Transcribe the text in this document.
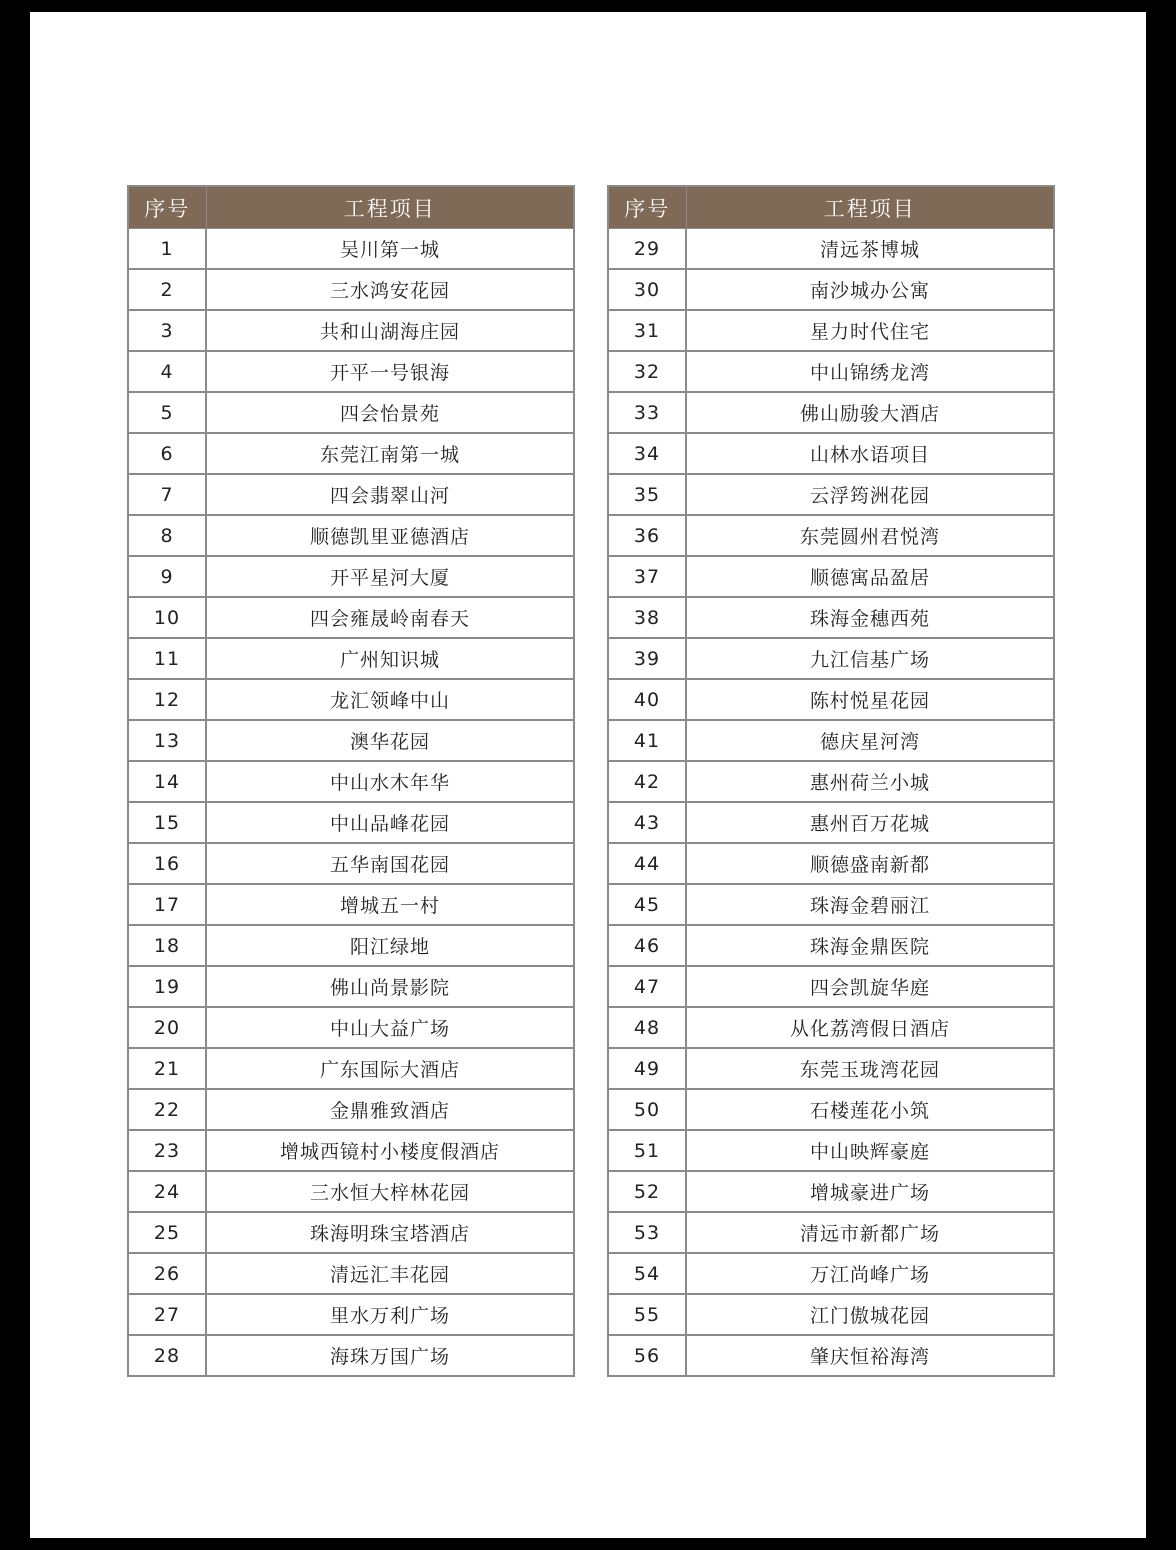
序号	工程项目
1	吴川第一城
2	三水鸿安花园
3	共和山湖海庄园
4	开平一号银海
5	四会怡景苑
6	东莞江南第一城
7	四会翡翠山河
8	顺德凯里亚德酒店
9	开平星河大厦
10	四会雍晟岭南春天
11	广州知识城
12	龙汇领峰中山
13	澳华花园
14	中山水木年华
15	中山品峰花园
16	五华南国花园
17	增城五一村
18	阳江绿地
19	佛山尚景影院
20	中山大益广场
21	广东国际大酒店
22	金鼎雅致酒店
23	增城西镜村小楼度假酒店
24	三水恒大梓林花园
25	珠海明珠宝塔酒店
26	清远汇丰花园
27	里水万利广场
28	海珠万国广场
序号	工程项目
29	清远茶博城
30	南沙城办公寓
31	星力时代住宅
32	中山锦绣龙湾
33	佛山励骏大酒店
34	山林水语项目
35	云浮筠洲花园
36	东莞圆州君悦湾
37	顺德寓品盈居
38	珠海金穗西苑
39	九江信基广场
40	陈村悦星花园
41	德庆星河湾
42	惠州荷兰小城
43	惠州百万花城
44	顺德盛南新都
45	珠海金碧丽江
46	珠海金鼎医院
47	四会凯旋华庭
48	从化荔湾假日酒店
49	东莞玉珑湾花园
50	石楼莲花小筑
51	中山映辉豪庭
52	增城豪进广场
53	清远市新都广场
54	万江尚峰广场
55	江门傲城花园
56	肇庆恒裕海湾
